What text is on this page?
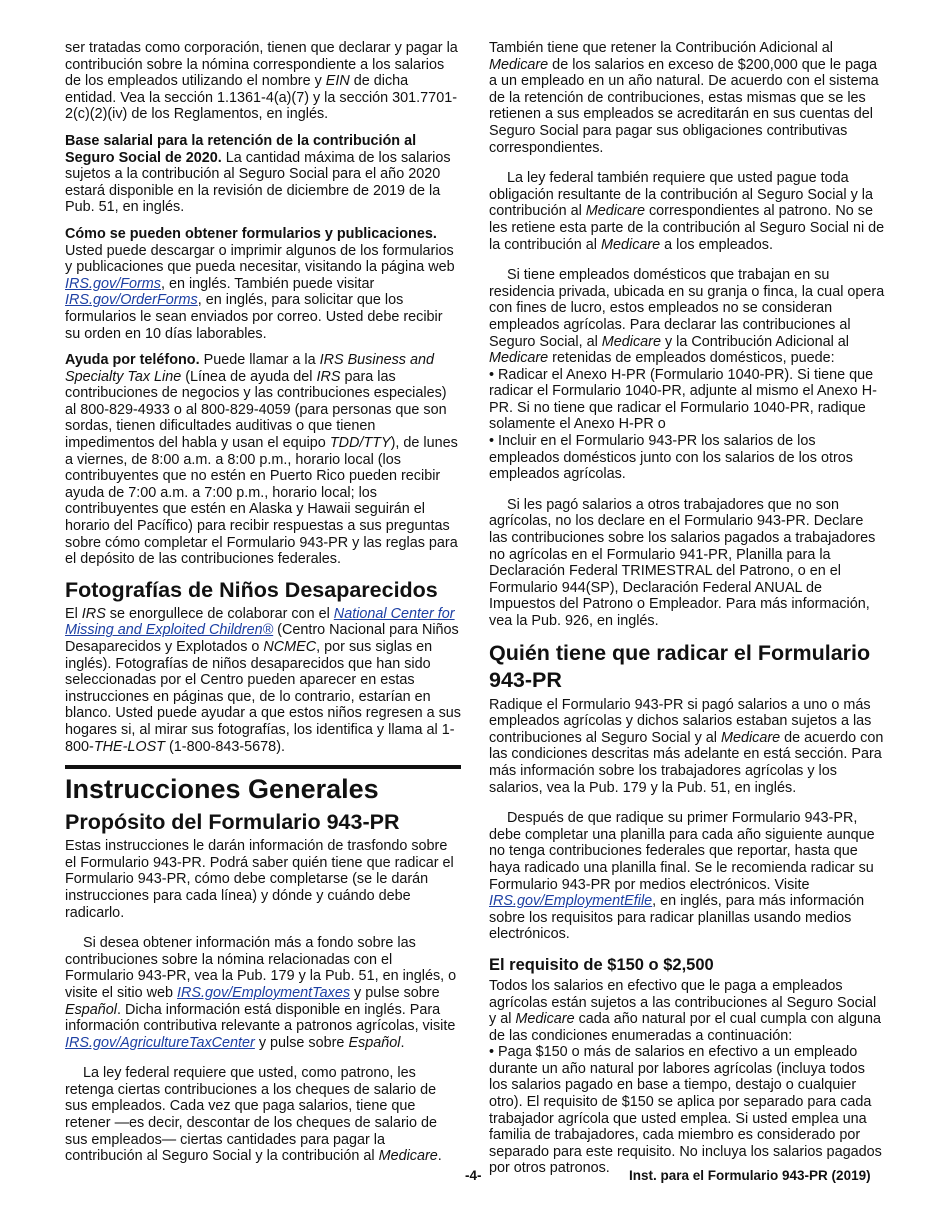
ser tratadas como corporación, tienen que declarar y pagar la contribución sobre la nómina correspondiente a los salarios de los empleados utilizando el nombre y EIN de dicha entidad. Vea la sección 1.1361-4(a)(7) y la sección 301.7701-2(c)(2)(iv) de los Reglamentos, en inglés.

Base salarial para la retención de la contribución al Seguro Social de 2020. La cantidad máxima de los salarios sujetos a la contribución al Seguro Social para el año 2020 estará disponible en la revisión de diciembre de 2019 de la Pub. 51, en inglés.

Cómo se pueden obtener formularios y publicaciones. Usted puede descargar o imprimir algunos de los formularios y publicaciones que pueda necesitar, visitando la página web IRS.gov/Forms, en inglés. También puede visitar IRS.gov/OrderForms, en inglés, para solicitar que los formularios le sean enviados por correo. Usted debe recibir su orden en 10 días laborables.

Ayuda por teléfono. Puede llamar a la IRS Business and Specialty Tax Line (Línea de ayuda del IRS para las contribuciones de negocios y las contribuciones especiales) al 800-829-4933 o al 800-829-4059 (para personas que son sordas, tienen dificultades auditivas o que tienen impedimentos del habla y usan el equipo TDD/TTY), de lunes a viernes, de 8:00 a.m. a 8:00 p.m., horario local (los contribuyentes que no estén en Puerto Rico pueden recibir ayuda de 7:00 a.m. a 7:00 p.m., horario local; los contribuyentes que estén en Alaska y Hawaii seguirán el horario del Pacífico) para recibir respuestas a sus preguntas sobre cómo completar el Formulario 943-PR y las reglas para el depósito de las contribuciones federales.

Fotografías de Niños Desaparecidos

El IRS se enorgullece de colaborar con el National Center for Missing and Exploited Children® (Centro Nacional para Niños Desaparecidos y Explotados o NCMEC, por sus siglas en inglés). Fotografías de niños desaparecidos que han sido seleccionadas por el Centro pueden aparecer en estas instrucciones en páginas que, de lo contrario, estarían en blanco. Usted puede ayudar a que estos niños regresen a sus hogares si, al mirar sus fotografías, los identifica y llama al 1-800-THE-LOST (1-800-843-5678).

Instrucciones Generales
Propósito del Formulario 943-PR

Estas instrucciones le darán información de trasfondo sobre el Formulario 943-PR. Podrá saber quién tiene que radicar el Formulario 943-PR, cómo debe completarse (se le darán instrucciones para cada línea) y dónde y cuándo debe radicarlo.

Si desea obtener información más a fondo sobre las contribuciones sobre la nómina relacionadas con el Formulario 943-PR, vea la Pub. 179 y la Pub. 51, en inglés, o visite el sitio web IRS.gov/EmploymentTaxes y pulse sobre Español. Dicha información está disponible en inglés. Para información contributiva relevante a patronos agrícolas, visite IRS.gov/AgricultureTaxCenter y pulse sobre Español.

La ley federal requiere que usted, como patrono, les retenga ciertas contribuciones a los cheques de salario de sus empleados. Cada vez que paga salarios, tiene que retener —es decir, descontar de los cheques de salario de sus empleados— ciertas cantidades para pagar la contribución al Seguro Social y la contribución al Medicare.

También tiene que retener la Contribución Adicional al Medicare de los salarios en exceso de $200,000 que le paga a un empleado en un año natural. De acuerdo con el sistema de la retención de contribuciones, estas mismas que se les retienen a sus empleados se acreditarán en sus cuentas del Seguro Social para pagar sus obligaciones contributivas correspondientes.

La ley federal también requiere que usted pague toda obligación resultante de la contribución al Seguro Social y la contribución al Medicare correspondientes al patrono. No se les retiene esta parte de la contribución al Seguro Social ni de la contribución al Medicare a los empleados.

Si tiene empleados domésticos que trabajan en su residencia privada, ubicada en su granja o finca, la cual opera con fines de lucro, estos empleados no se consideran empleados agrícolas. Para declarar las contribuciones al Seguro Social, al Medicare y la Contribución Adicional al Medicare retenidas de empleados domésticos, puede:

• Radicar el Anexo H-PR (Formulario 1040-PR). Si tiene que radicar el Formulario 1040-PR, adjunte al mismo el Anexo H-PR. Si no tiene que radicar el Formulario 1040-PR, radique solamente el Anexo H-PR o

• Incluir en el Formulario 943-PR los salarios de los empleados domésticos junto con los salarios de los otros empleados agrícolas.

Si les pagó salarios a otros trabajadores que no son agrícolas, no los declare en el Formulario 943-PR. Declare las contribuciones sobre los salarios pagados a trabajadores no agrícolas en el Formulario 941-PR, Planilla para la Declaración Federal TRIMESTRAL del Patrono, o en el Formulario 944(SP), Declaración Federal ANUAL de Impuestos del Patrono o Empleador. Para más información, vea la Pub. 926, en inglés.

Quién tiene que radicar el Formulario 943-PR

Radique el Formulario 943-PR si pagó salarios a uno o más empleados agrícolas y dichos salarios estaban sujetos a las contribuciones al Seguro Social y al Medicare de acuerdo con las condiciones descritas más adelante en está sección. Para más información sobre los trabajadores agrícolas y los salarios, vea la Pub. 179 y la Pub. 51, en inglés.

Después de que radique su primer Formulario 943-PR, debe completar una planilla para cada año siguiente aunque no tenga contribuciones federales que reportar, hasta que haya radicado una planilla final. Se le recomienda radicar su Formulario 943-PR por medios electrónicos. Visite IRS.gov/EmploymentEfile, en inglés, para más información sobre los requisitos para radicar planillas usando medios electrónicos.

El requisito de $150 o $2,500

Todos los salarios en efectivo que le paga a empleados agrícolas están sujetos a las contribuciones al Seguro Social y al Medicare cada año natural por el cual cumpla con alguna de las condiciones enumeradas a continuación:

• Paga $150 o más de salarios en efectivo a un empleado durante un año natural por labores agrícolas (incluya todos los salarios pagado en base a tiempo, destajo o cualquier otro). El requisito de $150 se aplica por separado para cada trabajador agrícola que usted emplea. Si usted emplea una familia de trabajadores, cada miembro es considerado por separado para este requisito. No incluya los salarios pagados por otros patronos.

-4-	Inst. para el Formulario 943-PR (2019)
